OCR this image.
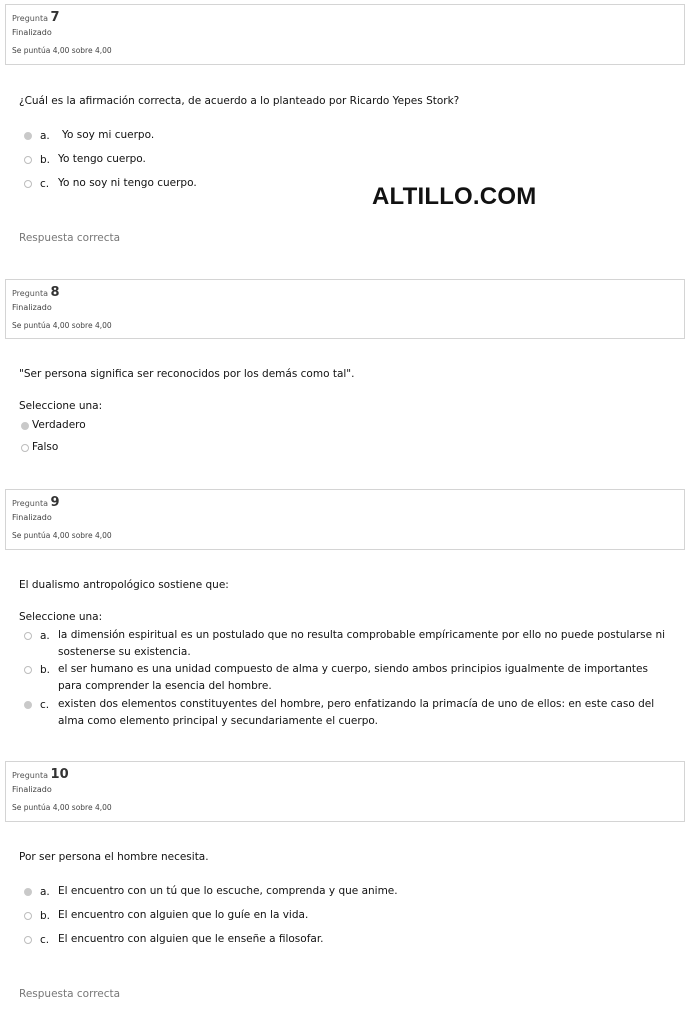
Pregunta 7
Finalizado
Se puntúa 4,00 sobre 4,00
¿Cuál es la afirmación correcta, de acuerdo a lo planteado por Ricardo Yepes Stork?
a.	Yo soy mi cuerpo.
b. Yo tengo cuerpo.
c. Yo no soy ni tengo cuerpo.	ALTILLO.COM
Respuesta correcta
Pregunta 8
Finalizado
Se puntúa 4,00 sobre 4,00
"Ser persona significa ser reconocidos por los demás como tal".
Seleccione una:
Verdadero
Falso
Pregunta 9
Finalizado
Se puntúa 4,00 sobre 4,00
El dualismo antropológico sostiene que:
Seleccione una:
a. la dimensión espiritual es un postulado que no resulta comprobable empíricamente por ello no puede postularse ni sostenerse su existencia.
b. el ser humano es una unidad compuesto de alma y cuerpo, siendo ambos principios igualmente de importantes para comprender la esencia del hombre.
c. existen dos elementos constituyentes del hombre, pero enfatizando la primacía de uno de ellos: en este caso del alma como elemento principal y secundariamente el cuerpo.
Pregunta 10
Finalizado
Se puntúa 4,00 sobre 4,00
Por ser persona el hombre necesita.
a. El encuentro con un tú que lo escuche, comprenda y que anime.
b. El encuentro con alguien que lo guíe en la vida.
c. El encuentro con alguien que le enseñe a filosofar.
Respuesta correcta
